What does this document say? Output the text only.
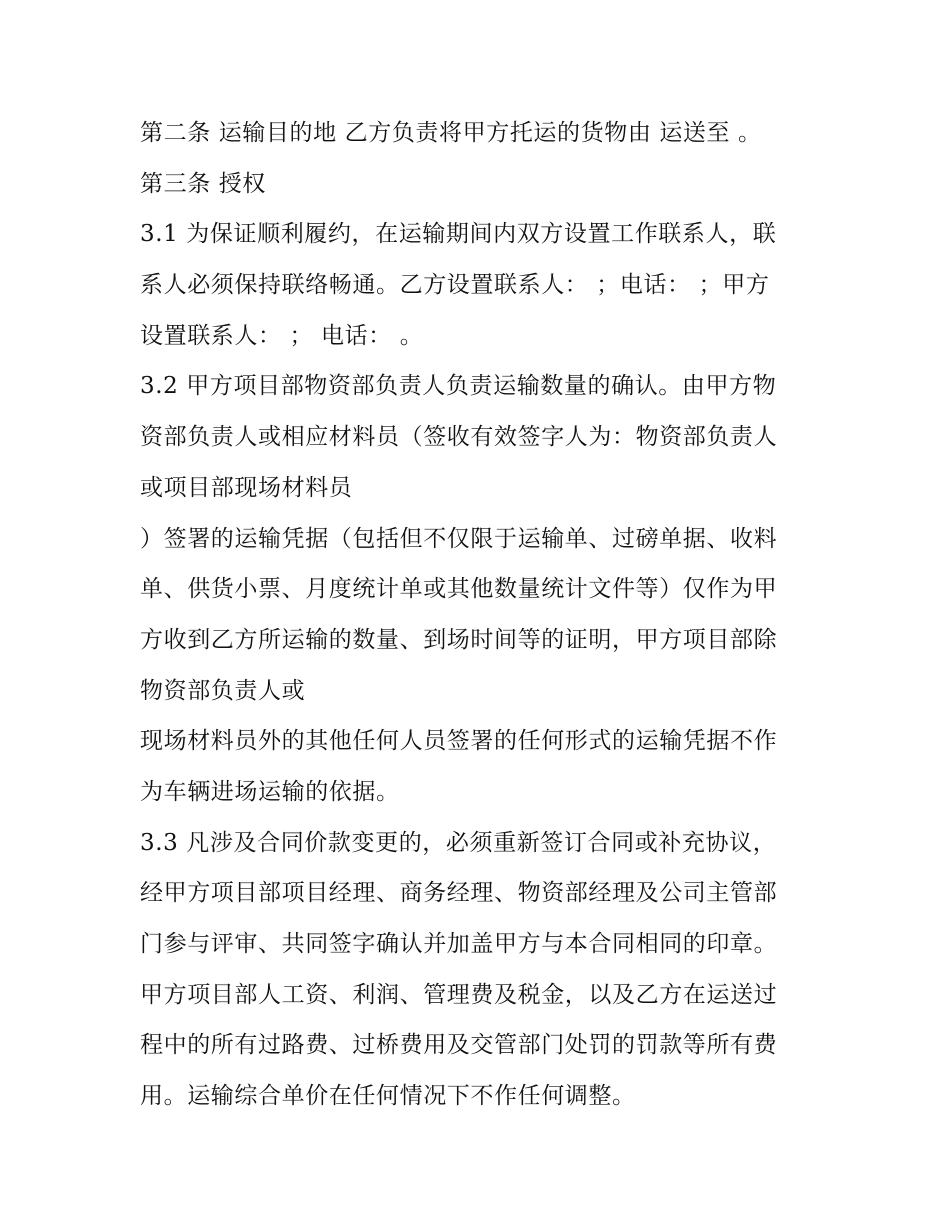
第二条 运输目的地 乙方负责将甲方托运的货物由 运送至 。
第三条 授权
3.1 为保证顺利履约，在运输期间内双方设置工作联系人，联
系人必须保持联络畅通。乙方设置联系人： ；电话： ；甲方
设置联系人： ； 电话： 。
3.2 甲方项目部物资部负责人负责运输数量的确认。由甲方物
资部负责人或相应材料员（签收有效签字人为：物资部负责人
或项目部现场材料员
）签署的运输凭据（包括但不仅限于运输单、过磅单据、收料
单、供货小票、月度统计单或其他数量统计文件等）仅作为甲
方收到乙方所运输的数量、到场时间等的证明，甲方项目部除
物资部负责人或
现场材料员外的其他任何人员签署的任何形式的运输凭据不作
为车辆进场运输的依据。
3.3 凡涉及合同价款变更的，必须重新签订合同或补充协议，
经甲方项目部项目经理、商务经理、物资部经理及公司主管部
门参与评审、共同签字确认并加盖甲方与本合同相同的印章。
甲方项目部人工资、利润、管理费及税金，以及乙方在运送过
程中的所有过路费、过桥费用及交管部门处罚的罚款等所有费
用。运输综合单价在任何情况下不作任何调整。
